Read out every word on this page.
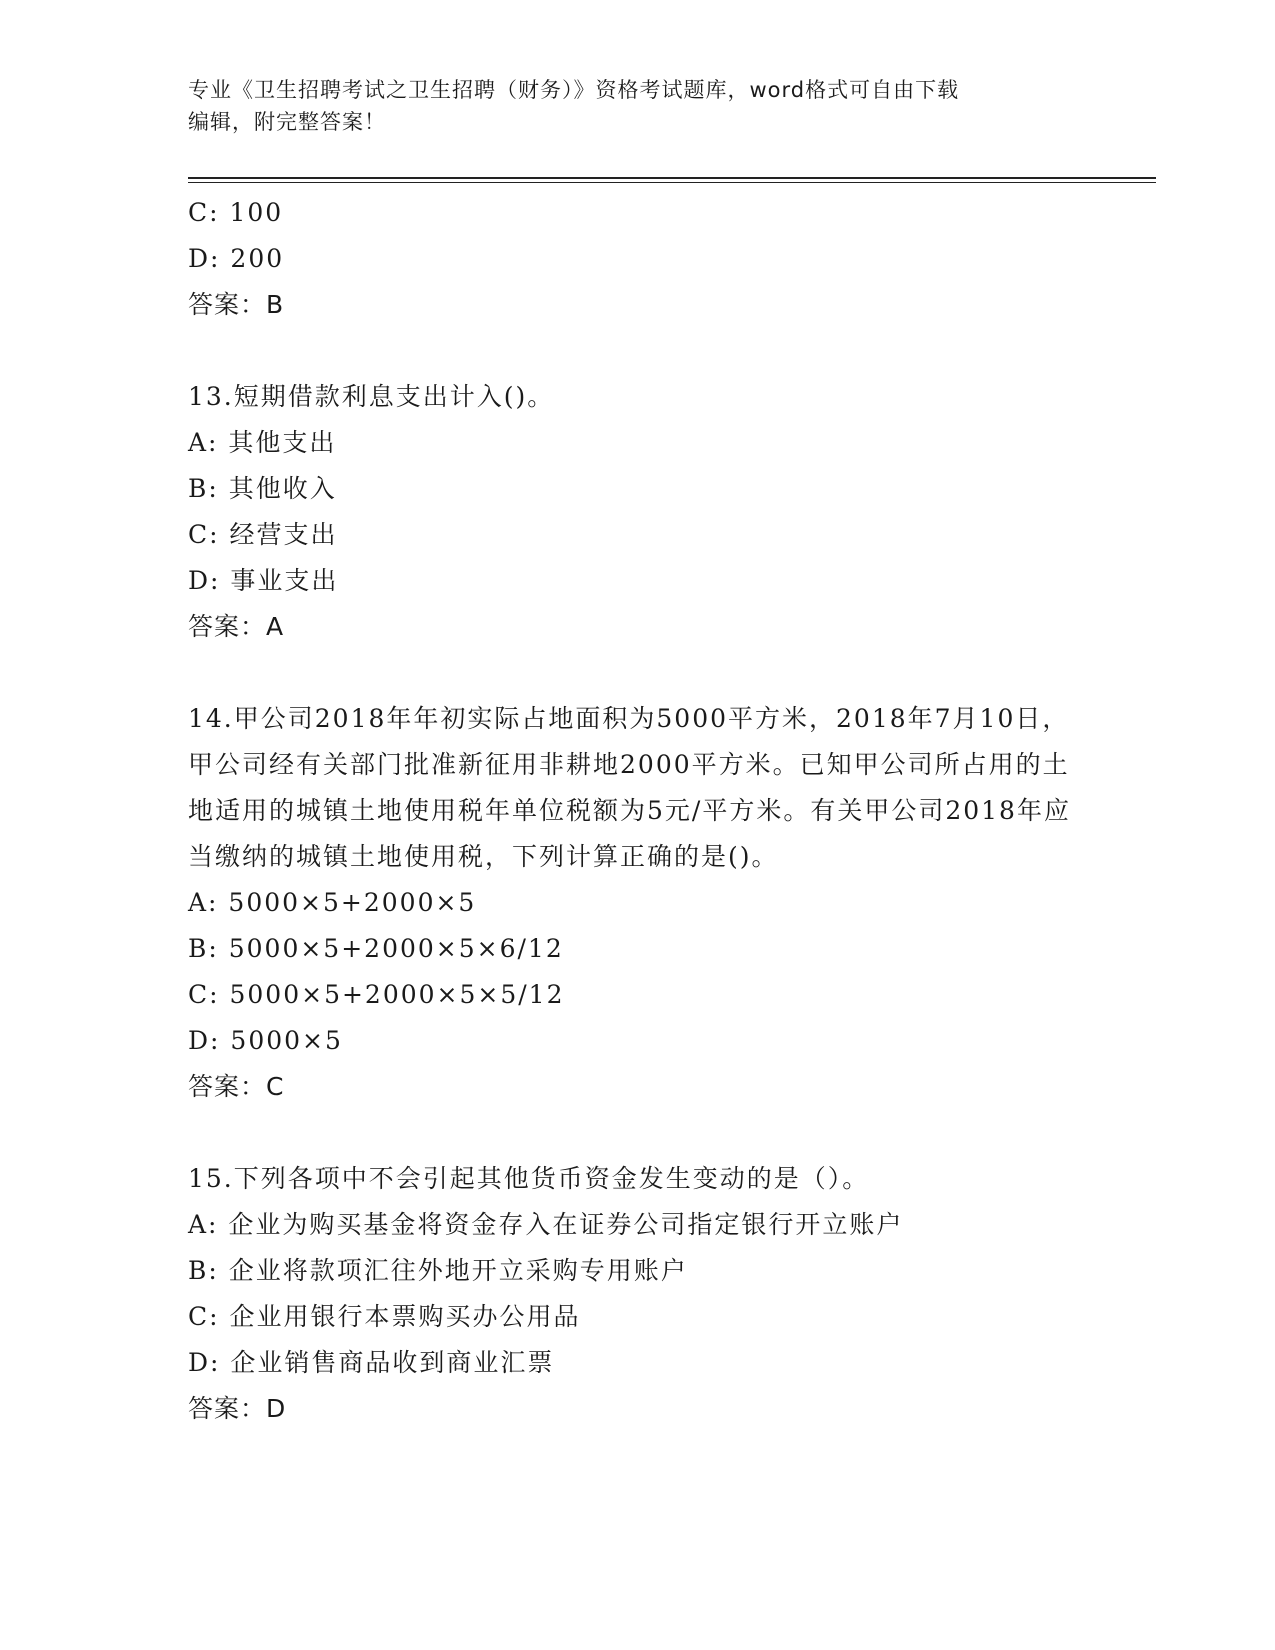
专业《卫生招聘考试之卫生招聘（财务）》资格考试题库，word格式可自由下载
编辑，附完整答案！
C: 100
D: 200
答案：B
13.短期借款利息支出计入()。
A: 其他支出
B: 其他收入
C: 经营支出
D: 事业支出
答案：A
14.甲公司2018年年初实际占地面积为5000平方米，2018年7月10日，甲公司经有关部门批准新征用非耕地2000平方米。已知甲公司所占用的土地适用的城镇土地使用税年单位税额为5元/平方米。有关甲公司2018年应当缴纳的城镇土地使用税，下列计算正确的是()。
A: 5000×5+2000×5
B: 5000×5+2000×5×6/12
C: 5000×5+2000×5×5/12
D: 5000×5
答案：C
15.下列各项中不会引起其他货币资金发生变动的是（）。
A: 企业为购买基金将资金存入在证券公司指定银行开立账户
B: 企业将款项汇往外地开立采购专用账户
C: 企业用银行本票购买办公用品
D: 企业销售商品收到商业汇票
答案：D
